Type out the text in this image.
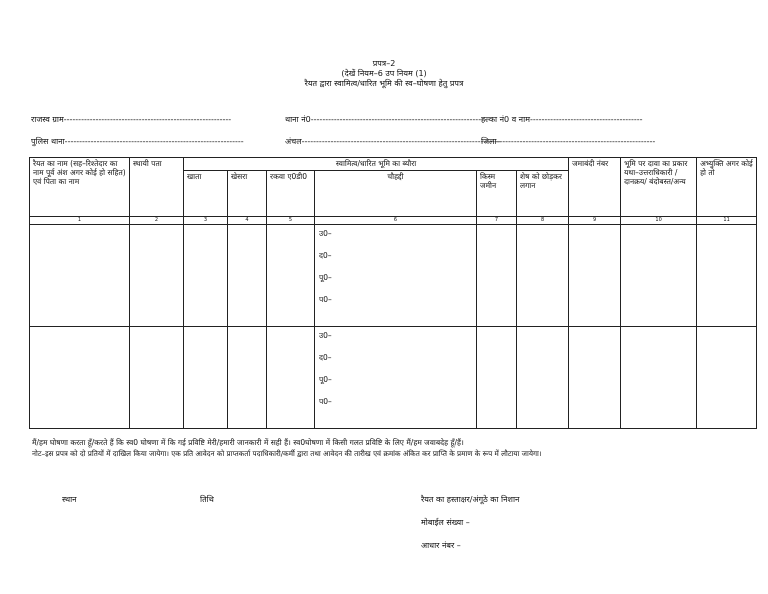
प्रपत्र–2
(देखें नियम–6 उप नियम (1)
रैयत द्वारा स्वामित्व/धारित भूमि की स्व–घोषणा हेतु प्रपत्र
राजस्व ग्राम----------------------------------------------------------	थाना नं0-------------------------------------------------------------
हल्का नं0 व नाम---------------------------------------
पुलिस थाना--------------------------------------------------------------	अंचल---------------------------------------------------------------------
जिला-------------------------------------------------------
रैयत का नाम (सह–रिश्तेदार का नाम पूर्व अंश अगर कोई हो सहित) एवं पिता का नाम	स्थायी पता	स्वामित्व/धारित भूमि का ब्यौरा						जमाबंदी नंबर	भूमि पर दावा का प्रकार यथा–उत्तराधिकारी /दानक्रय/ बंदोबस्त/अन्य	अभ्युक्ति अगर कोई हो तो

		खाता	खेसरा	रकवा ए0डी0	चौहद्दी	किस्म जमीन	शेष को छोड़कर लगान			

1	2	3	4	5	6	7	8	9	10	11

					उ0–
द0–
पू0–
प0–					

					उ0–
द0–
पू0–
प0–					

मैं/हम घोषणा करता हूँ/करते हैं कि स्व0 घोषणा में कि गई प्रविष्टि मेरी/हमारी जानकारी में सही हैं। स्व0घोषणा में किसी गलत प्रविष्टि के लिए मैं/हम जवाबदेह हूँ/हैं।
नोट–इस प्रपत्र को दो प्रतियों में दाखिल किया जायेगा। एक प्रति आवेदन को प्राप्तकर्ता पदाधिकारी/कर्मी द्वारा तथा आवेदन की तारीख एवं क्रमांक अंकित कर प्राप्ति के प्रमाण के रूप में लौटाया जायेगा।
स्थान	तिथि	रैयत का हस्ताक्षर/अंगूठे का निशान
मोबाईल संख्या –
आधार नंबर –
